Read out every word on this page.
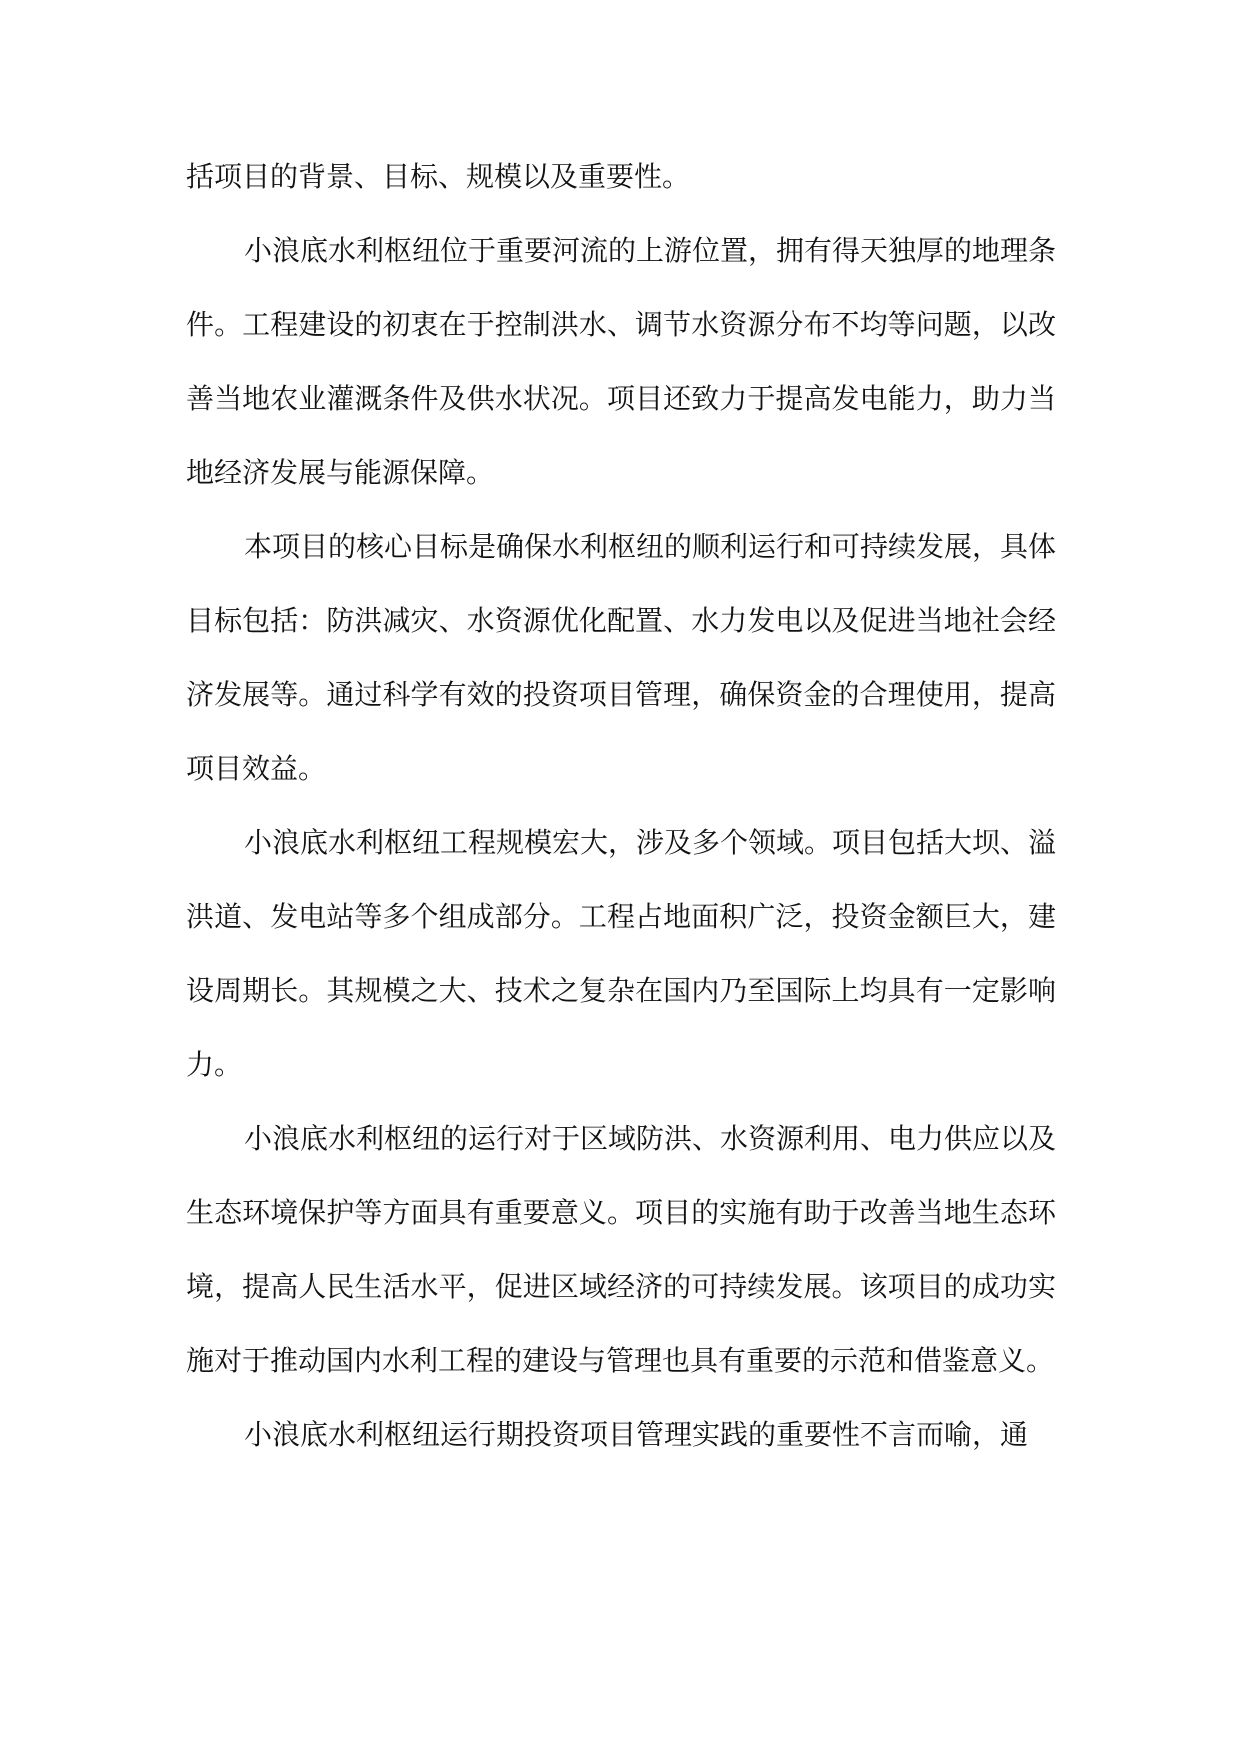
括项目的背景、目标、规模以及重要性。

小浪底水利枢纽位于重要河流的上游位置，拥有得天独厚的地理条件。工程建设的初衷在于控制洪水、调节水资源分布不均等问题，以改善当地农业灌溉条件及供水状况。项目还致力于提高发电能力，助力当地经济发展与能源保障。

本项目的核心目标是确保水利枢纽的顺利运行和可持续发展，具体目标包括：防洪减灾、水资源优化配置、水力发电以及促进当地社会经济发展等。通过科学有效的投资项目管理，确保资金的合理使用，提高项目效益。

小浪底水利枢纽工程规模宏大，涉及多个领域。项目包括大坝、溢洪道、发电站等多个组成部分。工程占地面积广泛，投资金额巨大，建设周期长。其规模之大、技术之复杂在国内乃至国际上均具有一定影响力。

小浪底水利枢纽的运行对于区域防洪、水资源利用、电力供应以及生态环境保护等方面具有重要意义。项目的实施有助于改善当地生态环境，提高人民生活水平，促进区域经济的可持续发展。该项目的成功实施对于推动国内水利工程的建设与管理也具有重要的示范和借鉴意义。

小浪底水利枢纽运行期投资项目管理实践的重要性不言而喻，通
